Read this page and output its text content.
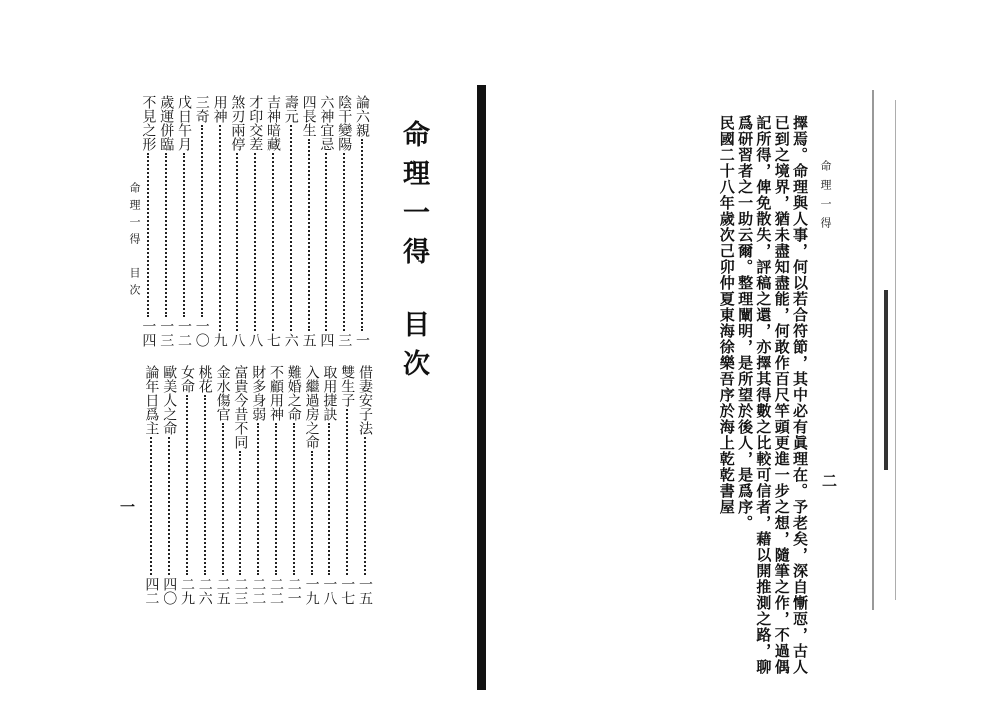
命理一得目次
命理一得　目次
一
論六親
一
陰干變陽
三
六神宜忌
四
四長生
五
壽元
六
吉神暗藏
七
才印交差
八
煞刃兩停
八
用神
九
三奇
一〇
戊日午月
一二
歲運併臨
一三
不見之形
一四
借妻安子法
一五
雙生子
一七
取用捷訣
一八
入繼過房之命
一九
難婚之命
二一
不顧用神
二二
財多身弱
二二
富貴今昔不同
二三
金水傷官
二五
桃花
二六
女命
二九
歐美人之命
四〇
論年日爲主
四二
命理一得
二
擇焉。命理與人事，何以若合符節，其中必有眞理在。予老矣，深自慚恧，古人
已到之境界，猶未盡知盡能，何敢作百尺竿頭更進一步之想，隨筆之作，不過偶
記所得，俾免散失，評稿之還，亦擇其得數之比較可信者，藉以開推測之路，聊
爲研習者之一助云爾。整理闡明，是所望於後人，是爲序。
民國二十八年歲次己卯仲夏東海徐樂吾序於海上乾乾書屋
